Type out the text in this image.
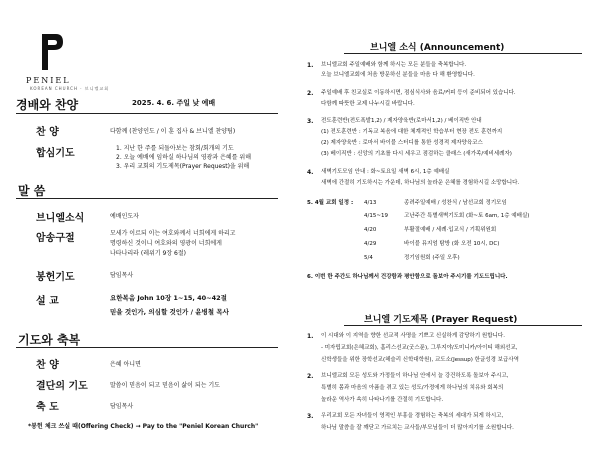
PENIEL
KOREAN CHURCH · 브니엘교회
경배와 찬양	2025. 4. 6. 주일 낮 예배
찬 양	다함께 (찬양인도 / 이 훈 집사 & 브니엘 찬양팀)
합심기도	1. 지난 한 주를 되돌아보는 참회/회개의 기도
2. 오늘 예배에 임하실 하나님의 영광과 은혜를 위해
3. 우리 교회의 기도제목(Prayer Request)을 위해
말 씀
브니엘소식	예배인도자
암송구절	모세가 이르되 이는 여호와께서 너희에게 하리고
명령하신 것이니 여호와의 영광이 너희에게
나타나리라 (레위기 9장 6절)
봉헌기도	담임목사
설 교	요한복음 John 10장 1~15, 40~42절
믿을 것인가, 의심할 것인가 / 윤병철 목사
기도와 축복
찬 양	은혜 아니면
결단의 기도	말씀이 믿음이 되고 믿음이 삶이 되는 기도
축 도	담임목사
*봉헌 체크 쓰실 때(Offering Check) → Pay to the "Peniel Korean Church"
브니엘 소식 (Announcement)
1. 브니엘교회 주일예배와 함께 하시는 모든 분들을 축복합니다.
오늘 브니엘교회에 처음 방문하신 분들을 마음 다 해 환영합니다.
2. 주일예배 후 친교실로 이동하시면, 점심식사와 음료/커피 등이 준비되어 있습니다.
다함께 따뜻한 교제 나누시길 바랍니다.
3. 전도훈련반(전도폭발1,2) / 제자양육반(로마서1,2) / 베이직반 안내
(1) 전도훈련반 : 기독교 복음에 대한 체계적인 학습부터 현장 전도 훈련까지
(2) 제자양육반 : 로마서 바이블 스터디를 통한 성경적 제자양육코스
(3) 베이직반 : 신앙의 기초를 다시 세우고 점검하는 클래스 (새가족/예비세례자)
4. 새벽기도모임 안내 : 화~토요일 새벽 6시, 1층 예배실
새벽에 간절히 기도하시는 가운데, 하나님의 놀라운 은혜를 경험하시길 소망합니다.
5. 4월 교회 일정 : 4/13	종려주일예배 / 성찬식 / 남선교회 정기모임
4/15~19	고난주간 특별새벽기도회 (화~토 6am, 1층 예배실)
4/20	부활절예배 / 세례·입교식 / 기획위원회
4/29	바이블 뮤지엄 탐방 (화 오전 10시, DC)
5/4	정기임원회 (주일 오후)
6. 이번 한 주간도 하나님께서 건강함과 평안함으로 돌보아 주시기를 기도드립니다.
브니엘 기도제목 (Prayer Request)
1. 이 시대와 이 지역을 향한 선교적 사명을 기쁘고 신실하게 감당하기 원합니다.
- 미자립교회(은혜교회), 홈리스선교(굿스푼), 그루지야/도미니카/아이티 해외선교,
신학생들을 위한 장학선교(헤슬리 신학대학원), 교도소(Jessup) 한글성경 보급사역
2. 브니엘교회 모든 성도와 가정들이 하나님 안에서 늘 강건하도록 돌보아 주시고,
특별히 몸과 마음의 아픔을 겪고 있는 성도/가정에게 하나님의 치유와 회복의
놀라운 역사가 속히 나타나기를 간절히 기도합니다.
3. 우리교회 모든 자녀들이 영적인 부흥을 경험하는 축복의 세대가 되게 하시고,
하나님 말씀을 잘 깨닫고 가르치는 교사들/부모님들이 더 많아지기를 소원합니다.
